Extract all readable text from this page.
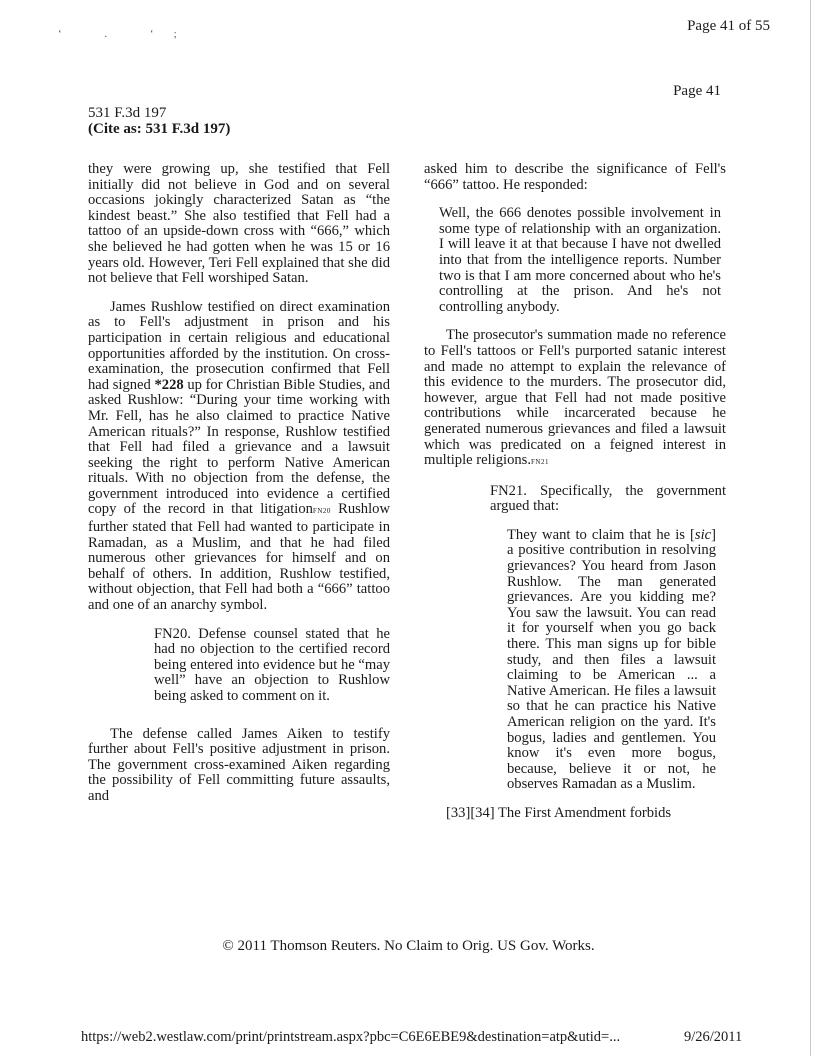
Page 41 of 55
‘ . ‘;
Page 41
531 F.3d 197
(Cite as: 531 F.3d 197)

they were growing up, she testified that Fell initially did not believe in God and on several occasions jokingly characterized Satan as “the kindest beast.” She also testified that Fell had a tattoo of an upside-down cross with “666,” which she believed he had gotten when he was 15 or 16 years old. However, Teri Fell explained that she did not believe that Fell worshiped Satan.

James Rushlow testified on direct examination as to Fell's adjustment in prison and his participation in certain religious and educational opportunities afforded by the institution. On cross-examination, the prosecution confirmed that Fell had signed *228 up for Christian Bible Studies, and asked Rushlow: “During your time working with Mr. Fell, has he also claimed to practice Native American rituals?” In response, Rushlow testified that Fell had filed a grievance and a lawsuit seeking the right to perform Native American rituals. With no objection from the defense, the government introduced into evidence a certified copy of the record in that litigationFN20 Rushlow further stated that Fell had wanted to participate in Ramadan, as a Muslim, and that he had filed numerous other grievances for himself and on behalf of others. In addition, Rushlow testified, without objection, that Fell had both a “666” tattoo and one of an anarchy symbol.

FN20. Defense counsel stated that he had no objection to the certified record being entered into evidence but he “may well” have an objection to Rushlow being asked to comment on it.

The defense called James Aiken to testify further about Fell's positive adjustment in prison. The government cross-examined Aiken regarding the possibility of Fell committing future assaults, and

asked him to describe the significance of Fell's “666” tattoo. He responded:

Well, the 666 denotes possible involvement in some type of relationship with an organization. I will leave it at that because I have not dwelled into that from the intelligence reports. Number two is that I am more concerned about who he's controlling at the prison. And he's not controlling anybody.

The prosecutor's summation made no reference to Fell's tattoos or Fell's purported satanic interest and made no attempt to explain the relevance of this evidence to the murders. The prosecutor did, however, argue that Fell had not made positive contributions while incarcerated because he generated numerous grievances and filed a lawsuit which was predicated on a feigned interest in multiple religions.FN21

FN21. Specifically, the government argued that:

They want to claim that he is [sic] a positive contribution in resolving grievances? You heard from Jason Rushlow. The man generated grievances. Are you kidding me? You saw the lawsuit. You can read it for yourself when you go back there. This man signs up for bible study, and then files a lawsuit claiming to be American ... a Native American. He files a lawsuit so that he can practice his Native American religion on the yard. It's bogus, ladies and gentlemen. You know it's even more bogus, because, believe it or not, he observes Ramadan as a Muslim.

[33][34] The First Amendment forbids

© 2011 Thomson Reuters. No Claim to Orig. US Gov. Works.
https://web2.westlaw.com/print/printstream.aspx?pbc=C6E6EBE9&destination=atp&utid=...	9/26/2011
